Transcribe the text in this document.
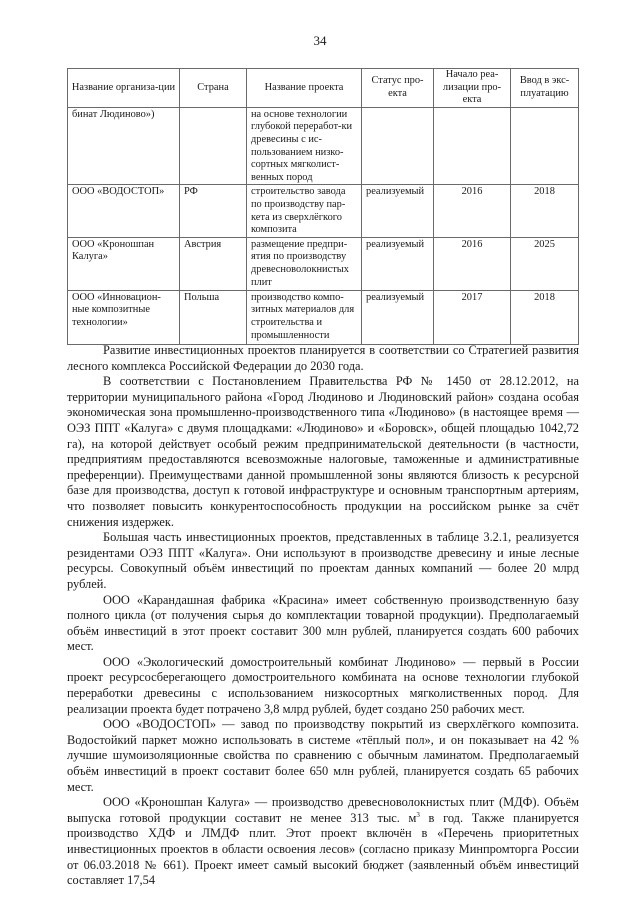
34
Название организа-ции	Страна	Название проекта	Статус про-екта	Начало реа-лизации про-екта	Ввод в экс-плуатацию
бинат Людиново»)		на основе технологии глубокой переработ-ки древесины с ис-пользованием низко-сортных мягколист-венных пород			
ООО «ВОДОСТОП»	РФ	строительство завода по производству пар-кета из сверхлёгкого композита	реализуемый	2016	2018
ООО «Кроношпан Калуга»	Австрия	размещение предпри-ятия по производству древесноволокнистых плит	реализуемый	2016	2025
ООО «Инновацион-ные композитные технологии»	Польша	производство компо-зитных материалов для строительства и промышленности	реализуемый	2017	2018

Развитие инвестиционных проектов планируется в соответствии со Стратегией развития лесного комплекса Российской Федерации до 2030 года.

В соответствии с Постановлением Правительства РФ № 1450 от 28.12.2012, на территории муниципального района «Город Людиново и Людиновский район» создана особая экономическая зона промышленно-производственного типа «Людиново» (в настоящее время — ОЭЗ ППТ «Калуга» с двумя площадками: «Людиново» и «Боровск», общей площадью 1042,72 га), на которой действует особый режим предпринимательской деятельности (в частности, предприятиям предоставляются всевозможные налоговые, таможенные и административные преференции). Преимуществами данной промышленной зоны являются близость к ресурсной базе для производства, доступ к готовой инфраструктуре и основным транспортным артериям, что позволяет повысить конкурентоспособность продукции на российском рынке за счёт снижения издержек.

Большая часть инвестиционных проектов, представленных в таблице 3.2.1, реализуется резидентами ОЭЗ ППТ «Калуга». Они используют в производстве древесину и иные лесные ресурсы. Совокупный объём инвестиций по проектам данных компаний — более 20 млрд рублей.

ООО «Карандашная фабрика «Красина» имеет собственную производственную базу полного цикла (от получения сырья до комплектации товарной продукции). Предполагаемый объём инвестиций в этот проект составит 300 млн рублей, планируется создать 600 рабочих мест.

ООО «Экологический домостроительный комбинат Людиново» — первый в России проект ресурсосберегающего домостроительного комбината на основе технологии глубокой переработки древесины с использованием низкосортных мягколиственных пород. Для реализации проекта будет потрачено 3,8 млрд рублей, будет создано 250 рабочих мест.

ООО «ВОДОСТОП» — завод по производству покрытий из сверхлёгкого композита. Водостойкий паркет можно использовать в системе «тёплый пол», и он показывает на 42 % лучшие шумоизоляционные свойства по сравнению с обычным ламинатом. Предполагаемый объём инвестиций в проект составит более 650 млн рублей, планируется создать 65 рабочих мест.

ООО «Кроношпан Калуга» — производство древесноволокнистых плит (МДФ). Объём выпуска готовой продукции составит не менее 313 тыс. $м^3$ в год. Также планируется производство ХДФ и ЛМДФ плит. Этот проект включён в «Перечень приоритетных инвестиционных проектов в области освоения лесов» (согласно приказу Минпромторга России от 06.03.2018 № 661). Проект имеет самый высокий бюджет (заявленный объём инвестиций составляет 17,54
